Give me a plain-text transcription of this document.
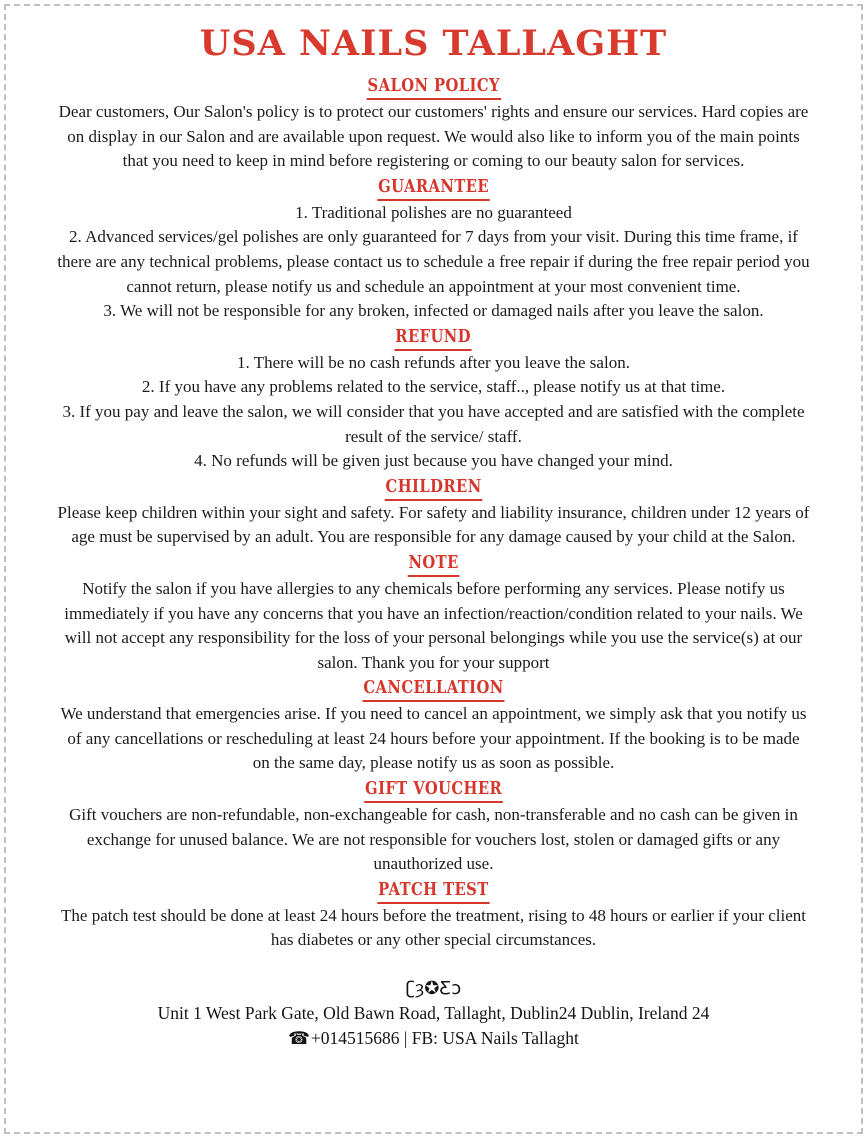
USA NAILS TALLAGHT
SALON POLICY

Dear customers, Our Salon's policy is to protect our customers' rights and ensure our services. Hard copies are on display in our Salon and are available upon request. We would also like to inform you of the main points that you need to keep in mind before registering or coming to our beauty salon for services.

GUARANTEE

1. Traditional polishes are no guaranteed

2. Advanced services/gel polishes are only guaranteed for 7 days from your visit. During this time frame, if there are any technical problems, please contact us to schedule a free repair if during the free repair period you cannot return, please notify us and schedule an appointment at your most convenient time.

3. We will not be responsible for any broken, infected or damaged nails after you leave the salon.

REFUND

1. There will be no cash refunds after you leave the salon.

2. If you have any problems related to the service, staff.., please notify us at that time.

3. If you pay and leave the salon, we will consider that you have accepted and are satisfied with the complete result of the service/ staff.

4. No refunds will be given just because you have changed your mind.

CHILDREN

Please keep children within your sight and safety. For safety and liability insurance, children under 12 years of age must be supervised by an adult. You are responsible for any damage caused by your child at the Salon.

NOTE

Notify the salon if you have allergies to any chemicals before performing any services. Please notify us immediately if you have any concerns that you have an infection/reaction/condition related to your nails. We will not accept any responsibility for the loss of your personal belongings while you use the service(s) at our salon. Thank you for your support

CANCELLATION

We understand that emergencies arise. If you need to cancel an appointment, we simply ask that you notify us of any cancellations or rescheduling at least 24 hours before your appointment. If the booking is to be made on the same day, please notify us as soon as possible.

GIFT VOUCHER

Gift vouchers are non-refundable, non-exchangeable for cash, non-transferable and no cash can be given in exchange for unused balance. We are not responsible for vouchers lost, stolen or damaged gifts or any unauthorized use.

PATCH TEST

The patch test should be done at least 24 hours before the treatment, rising to 48 hours or earlier if your client has diabetes or any other special circumstances.

ʗȝ✪Ƹɔ

Unit 1 West Park Gate, Old Bawn Road, Tallaght, Dublin24 Dublin, Ireland 24

☎+014515686 | FB: USA Nails Tallaght
